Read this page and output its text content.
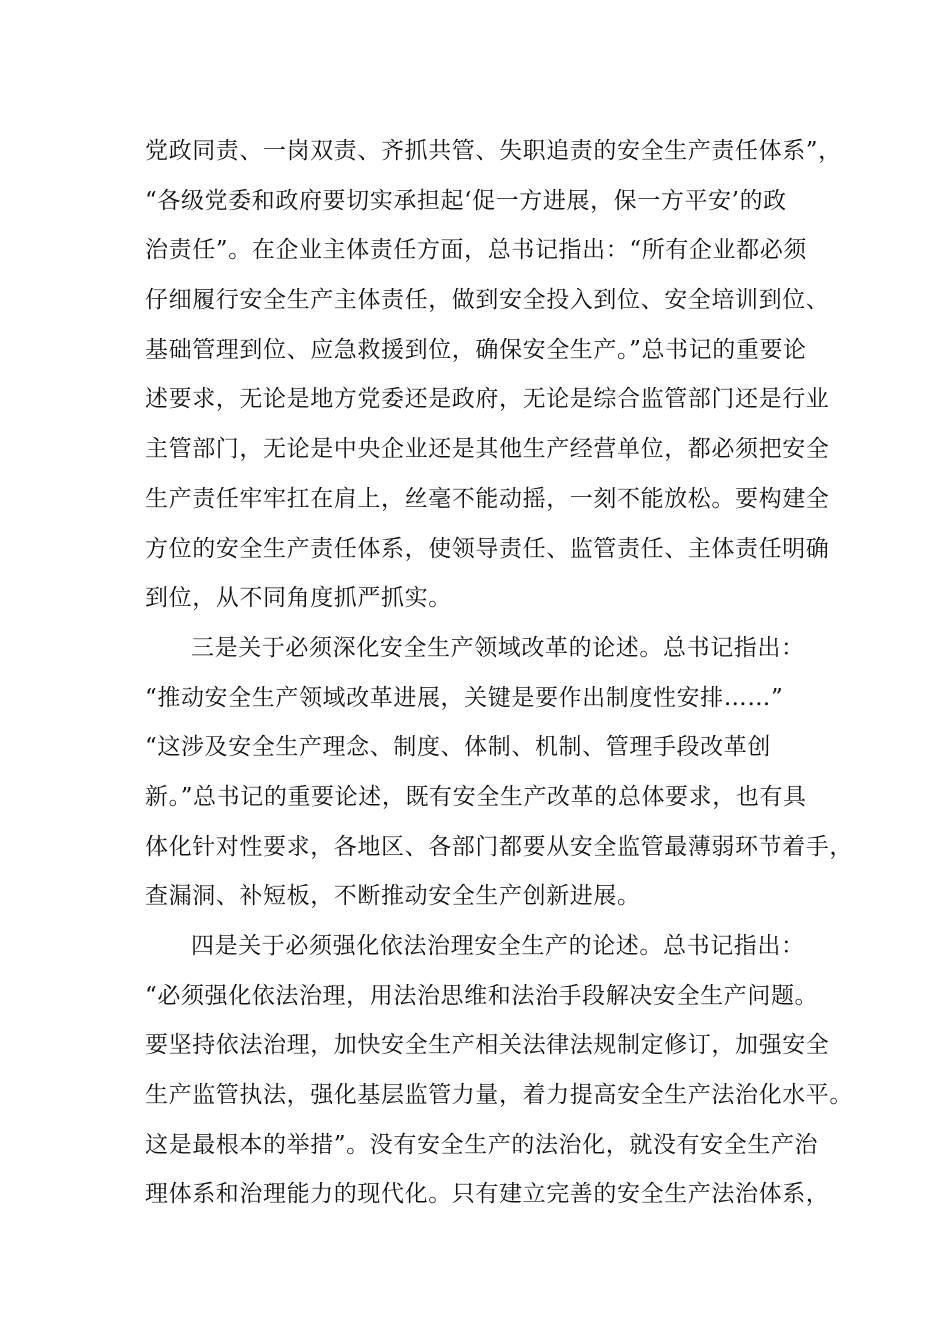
党政同责、一岗双责、齐抓共管、失职追责的安全生产责任体系”，
“各级党委和政府要切实承担起‘促一方进展，保一方平安’的政
治责任”。在企业主体责任方面，总书记指出：“所有企业都必须
仔细履行安全生产主体责任，做到安全投入到位、安全培训到位、
基础管理到位、应急救援到位，确保安全生产。”总书记的重要论
述要求，无论是地方党委还是政府，无论是综合监管部门还是行业
主管部门，无论是中央企业还是其他生产经营单位，都必须把安全
生产责任牢牢扛在肩上，丝毫不能动摇，一刻不能放松。要构建全
方位的安全生产责任体系，使领导责任、监管责任、主体责任明确
到位，从不同角度抓严抓实。
三是关于必须深化安全生产领域改革的论述。总书记指出：
“推动安全生产领域改革进展，关键是要作出制度性安排……”
“这涉及安全生产理念、制度、体制、机制、管理手段改革创
新。”总书记的重要论述，既有安全生产改革的总体要求，也有具
体化针对性要求，各地区、各部门都要从安全监管最薄弱环节着手，
查漏洞、补短板，不断推动安全生产创新进展。
四是关于必须强化依法治理安全生产的论述。总书记指出：
“必须强化依法治理，用法治思维和法治手段解决安全生产问题。
要坚持依法治理，加快安全生产相关法律法规制定修订，加强安全
生产监管执法，强化基层监管力量，着力提高安全生产法治化水平。
这是最根本的举措”。没有安全生产的法治化，就没有安全生产治
理体系和治理能力的现代化。只有建立完善的安全生产法治体系，
